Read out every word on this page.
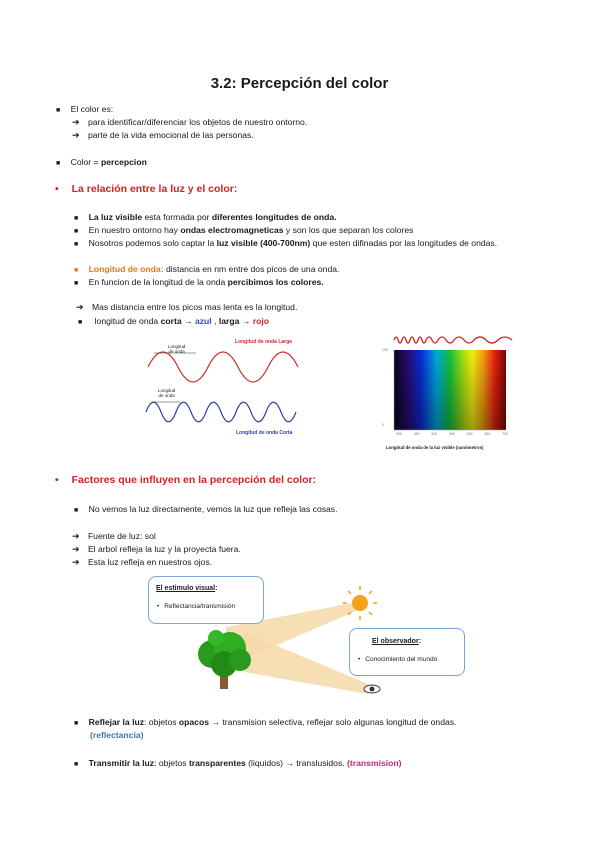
3.2: Percepción del color
■ El color es:
➔ para identificar/diferenciar los objetos de nuestro ontorno.
➔ parte de la vida emocional de las personas.
■ Color = percepcion
• La relación entre la luz y el color:
■ La luz visible esta formada por diferentes longitudes de onda.
■ En nuestro ontorno hay ondas electromagneticas y son los que separan los colores
■ Nosotros podemos solo captar la luz visible (400-700nm) que esten difinadas por las longitudes de ondas.
■ Longitud de onda: distancia en nm entre dos picos de una onda.
■ En funcion de la longitud de la onda percibimos los colores.
➔ Mas distancia entre los picos mas lenta es la longitud.
■ longitud de onda corta → azul , larga → rojo
Longitud de onda Larga
Longitud de onda Corta
Longitud
de onda
Longitud
de onda
0
100
400	450	500	550	600	650	700
Longitud de onda de la luz visible (nanómetros)
• Factores que influyen en la percepción del color:
■ No vemos la luz directamente, vemos la luz que refleja las cosas.
➔ Fuente de luz: sol
➔ El arbol refleja la luz y la proyecta fuera.
➔ Esta luz refleja en nuestros ojos.
El estimulo visual:
• Reflectancia/transmisión
El observador:
• Conocimiento del mundo
■ Reflejar la luz: objetos opacos → transmision selectiva, reflejar solo algunas longitud de ondas.
(reflectancia)
■ Transmitir la luz: objetos transparentes (liquidos) → translusidos. (transmision)
